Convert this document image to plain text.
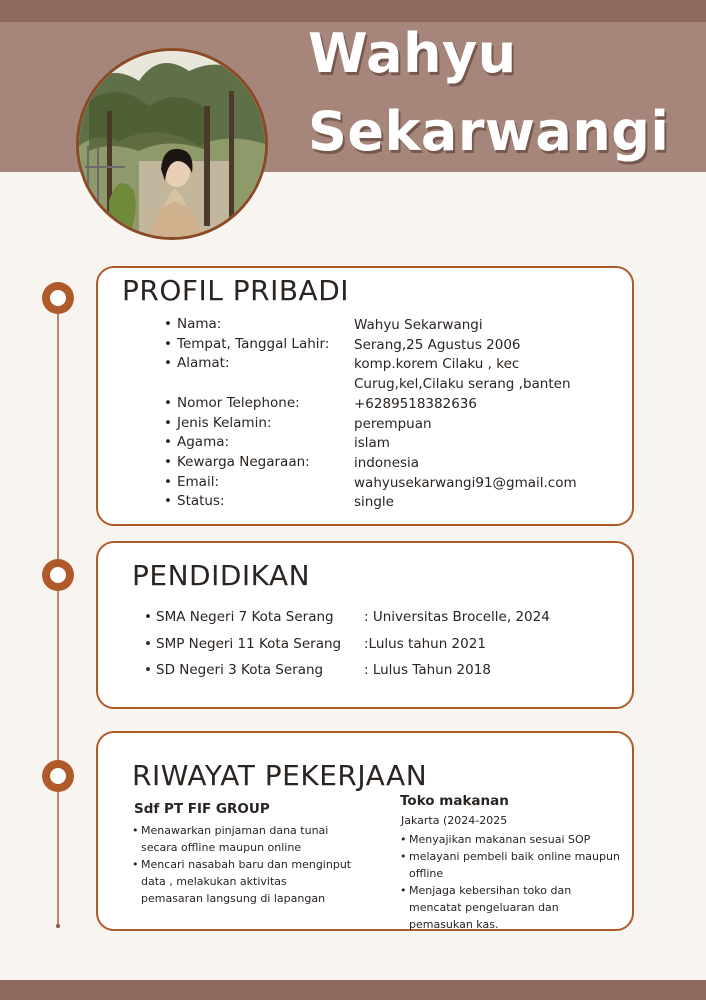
Wahyu
Sekarwangi
PROFIL PRIBADI
• Nama:	Wahyu Sekarwangi
• Tempat, Tanggal Lahir: Serang,25 Agustus 2006
• Alamat:	komp.korem Cilaku , kec
Curug,kel,Cilaku serang ,banten
• Nomor Telephone:	+6289518382636
• Jenis Kelamin:	perempuan
• Agama:	islam
• Kewarga Negaraan:	indonesia
• Email:	wahyusekarwangi91@gmail.com
• Status:	single
PENDIDIKAN
• SMA Negeri 7 Kota Serang : Universitas Brocelle, 2024
• SMP Negeri 11 Kota Serang :Lulus tahun 2021
• SD Negeri 3 Kota Serang	: Lulus Tahun 2018
RIWAYAT PEKERJAAN
Sdf PT FIF GROUP
• Menawarkan pinjaman dana tunai secara offline maupun online
• Mencari nasabah baru dan menginput data , melakukan aktivitas pemasaran langsung di lapangan
Toko makanan
Jakarta (2024-2025
• Menyajikan makanan sesuai SOP
• melayani pembeli baik online maupun offline
• Menjaga kebersihan toko dan mencatat pengeluaran dan pemasukan kas.
